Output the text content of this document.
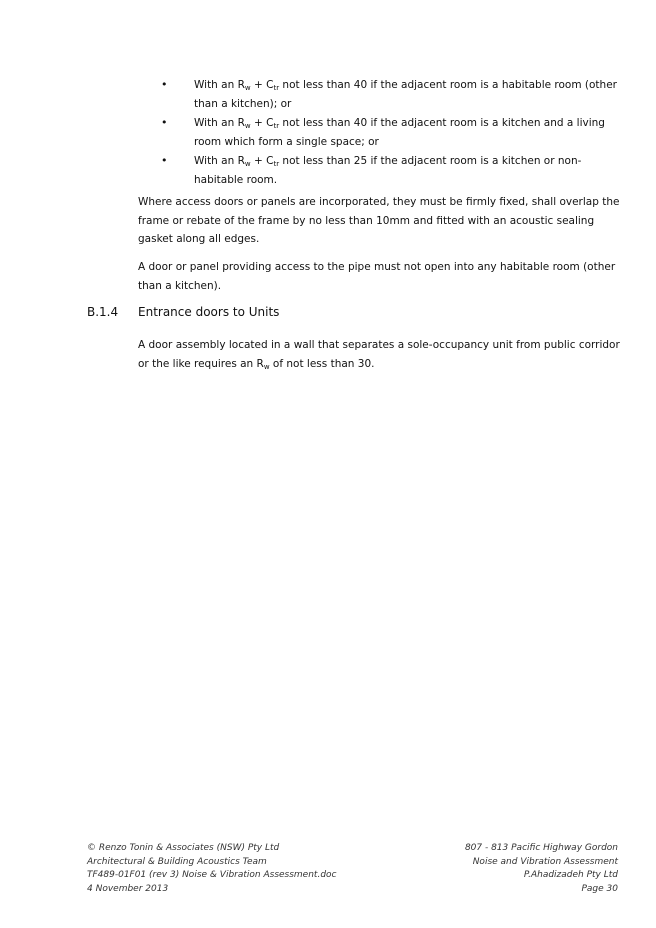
•	With an $R_w + C_{tr}$ not less than 40 if the adjacent room is a habitable room (other than a kitchen); or
•	With an $R_w + C_{tr}$ not less than 40 if the adjacent room is a kitchen and a living room which form a single space; or
•	With an $R_w + C_{tr}$ not less than 25 if the adjacent room is a kitchen or non-habitable room.

Where access doors or panels are incorporated, they must be firmly fixed, shall overlap the frame or rebate of the frame by no less than 10mm and fitted with an acoustic sealing gasket along all edges.

A door or panel providing access to the pipe must not open into any habitable room (other than a kitchen).

B.1.4 Entrance doors to Units

A door assembly located in a wall that separates a sole-occupancy unit from public corridor or the like requires an $R_w$ of not less than 30.

© Renzo Tonin & Associates (NSW) Pty Ltd
Architectural & Building Acoustics Team
TF489-01F01 (rev 3) Noise & Vibration Assessment.doc
4 November 2013
807 - 813 Pacific Highway Gordon
Noise and Vibration Assessment
P.Ahadizadeh Pty Ltd
Page 30
